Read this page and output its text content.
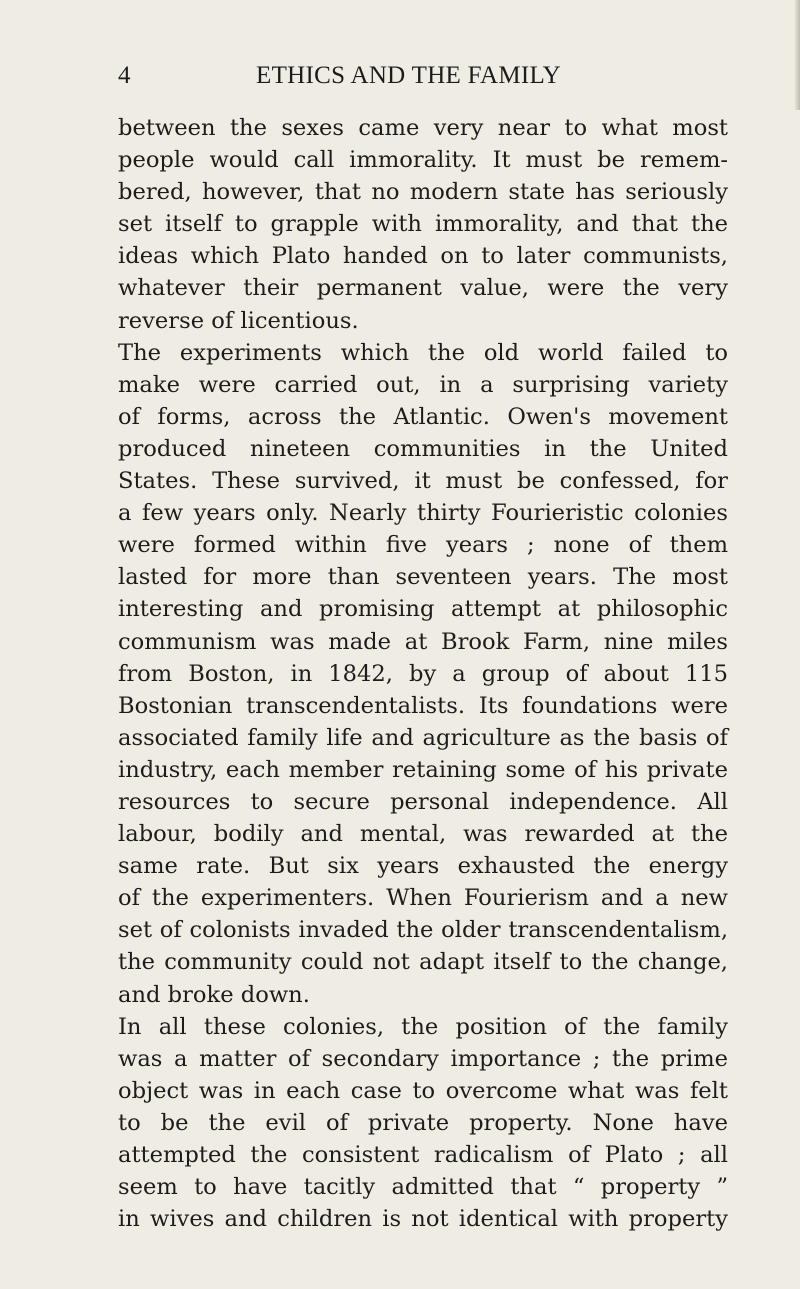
4	ETHICS AND THE FAMILY
between the sexes came very near to what most
people would call immorality. It must be remem-
bered, however, that no modern state has seriously
set itself to grapple with immorality, and that the
ideas which Plato handed on to later communists,
whatever their permanent value, were the very
reverse of licentious.
The experiments which the old world failed to
make were carried out, in a surprising variety
of forms, across the Atlantic. Owen's movement
produced nineteen communities in the United
States. These survived, it must be confessed, for
a few years only. Nearly thirty Fourieristic colonies
were formed within five years ; none of them
lasted for more than seventeen years. The most
interesting and promising attempt at philosophic
communism was made at Brook Farm, nine miles
from Boston, in 1842, by a group of about 115
Bostonian transcendentalists. Its foundations were
associated family life and agriculture as the basis of
industry, each member retaining some of his private
resources to secure personal independence. All
labour, bodily and mental, was rewarded at the
same rate. But six years exhausted the energy
of the experimenters. When Fourierism and a new
set of colonists invaded the older transcendentalism,
the community could not adapt itself to the change,
and broke down.
In all these colonies, the position of the family
was a matter of secondary importance ; the prime
object was in each case to overcome what was felt
to be the evil of private property. None have
attempted the consistent radicalism of Plato ; all
seem to have tacitly admitted that “ property ”
in wives and children is not identical with property
